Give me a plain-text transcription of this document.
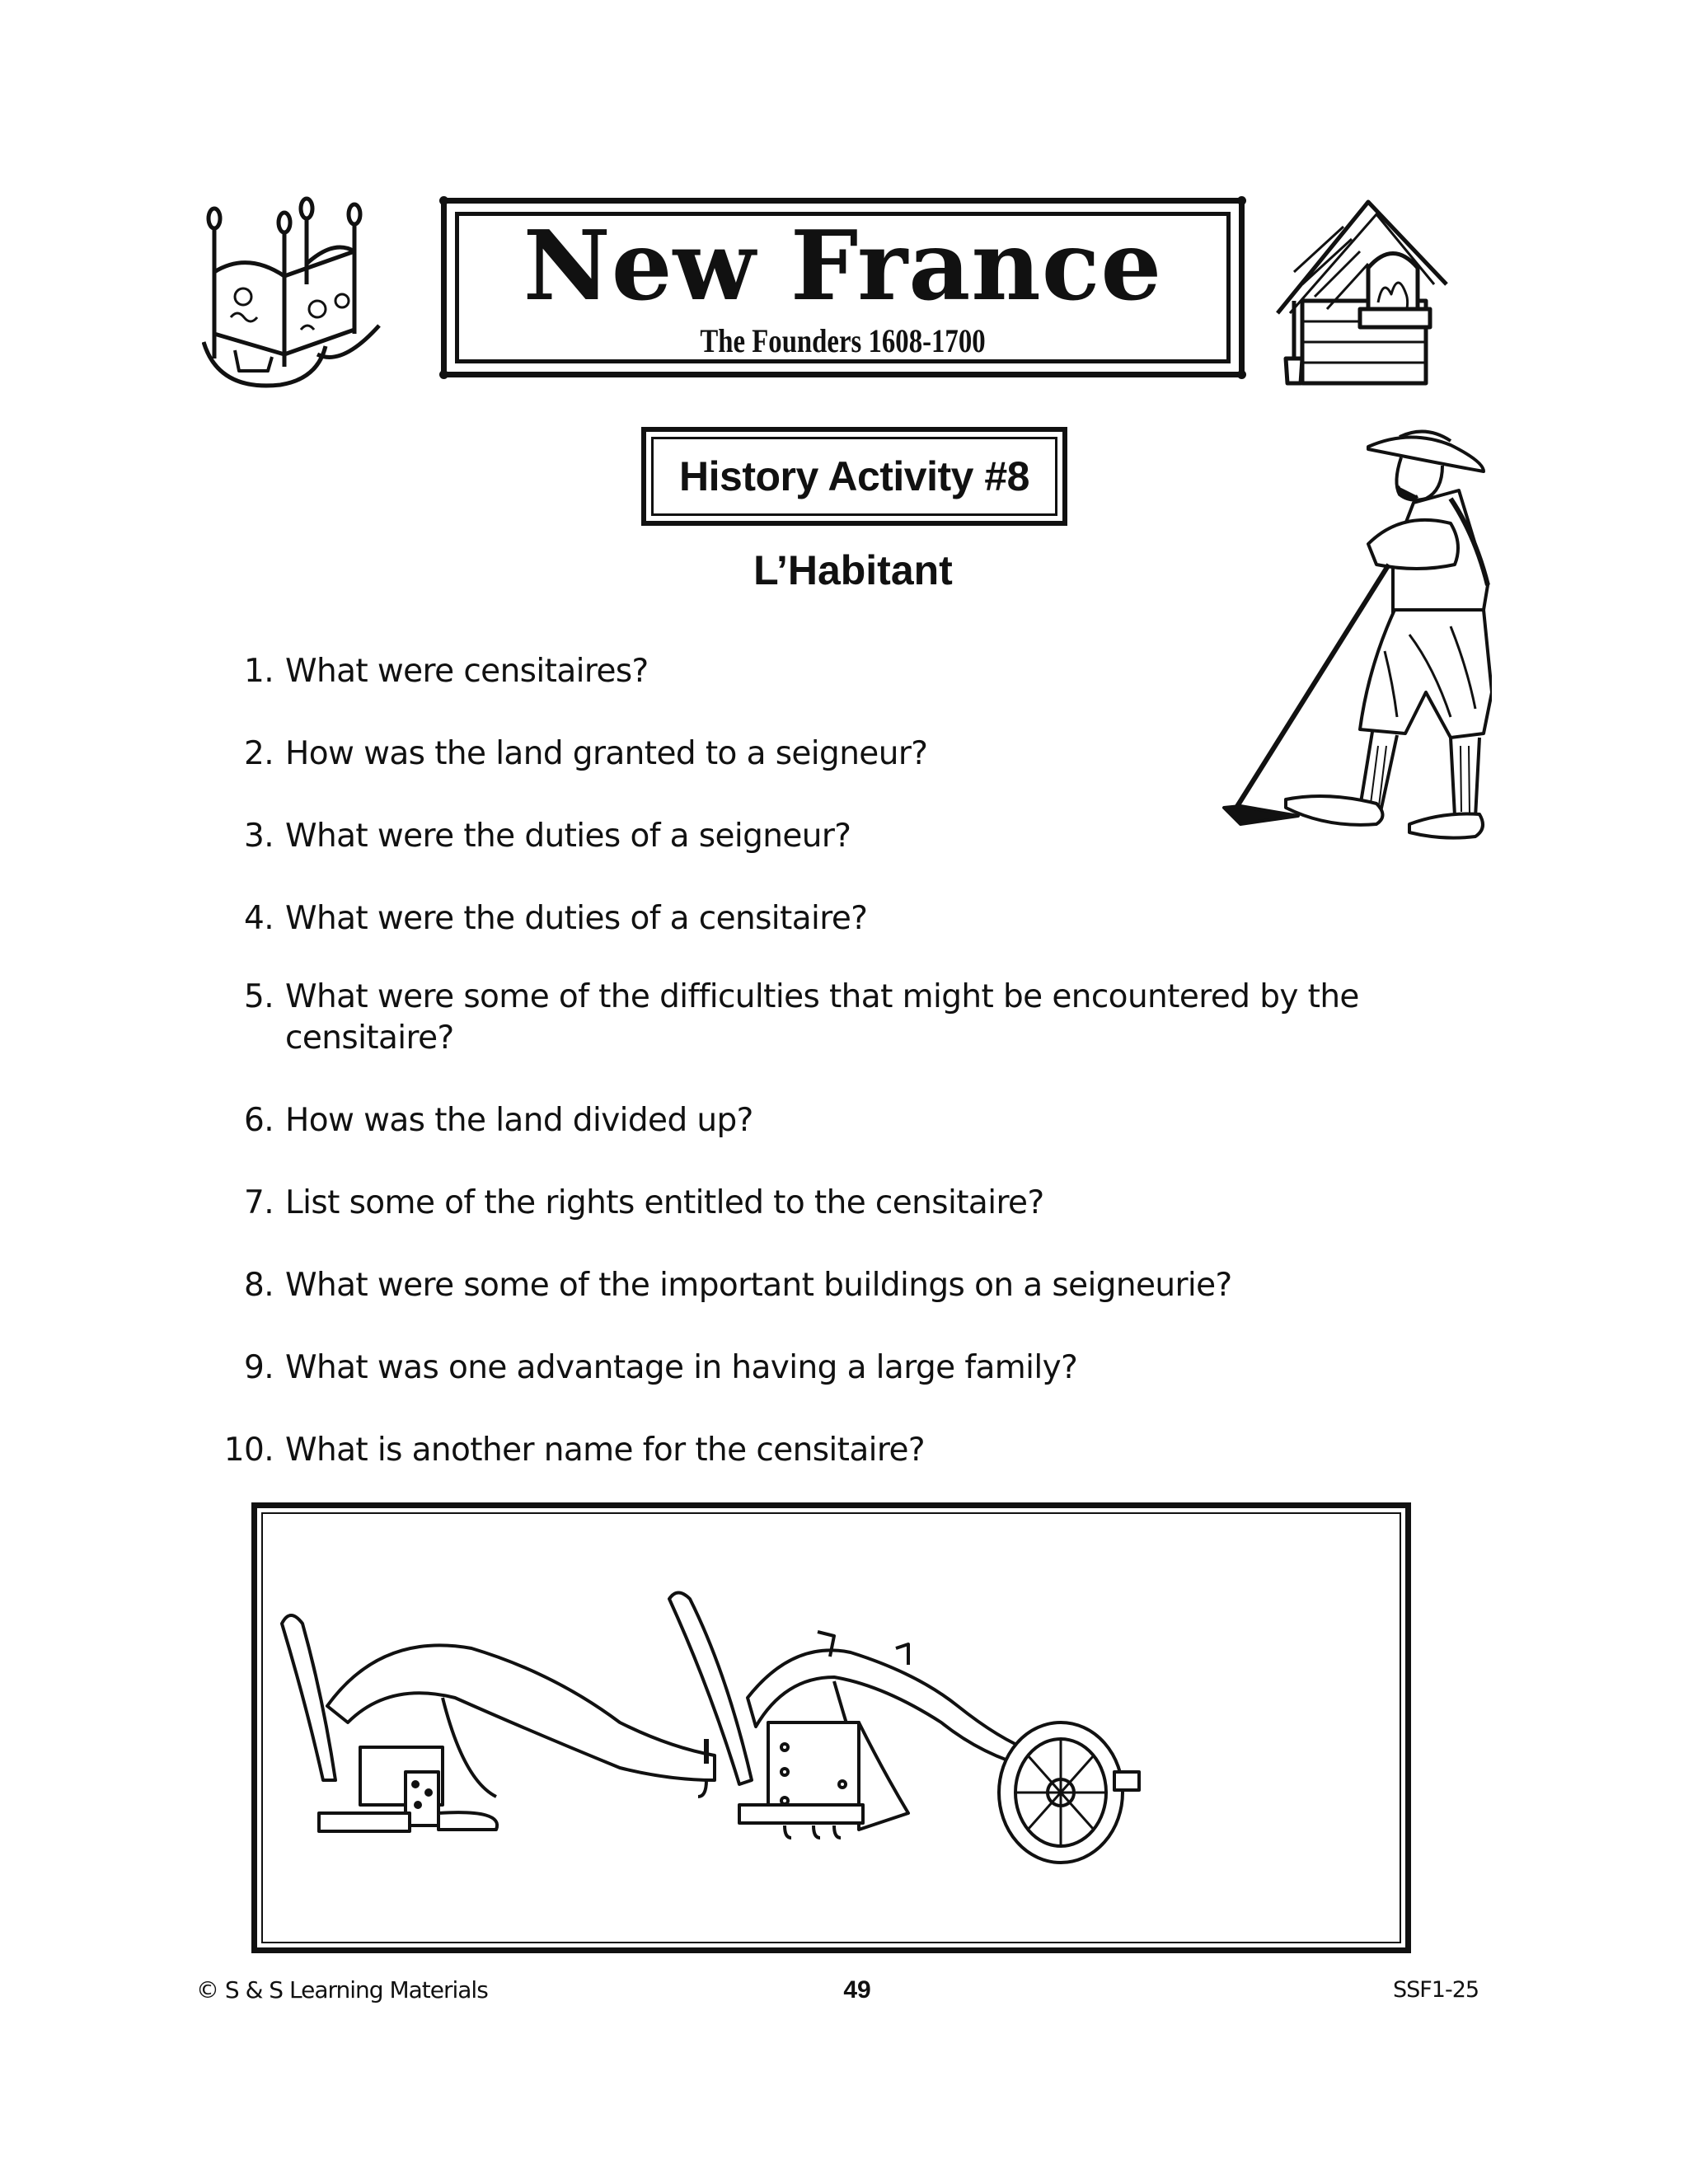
New France
The Founders 1608-1700
History Activity #8
L’Habitant
1. What were censitaires?
2. How was the land granted to a seigneur?
3. What were the duties of a seigneur?
4. What were the duties of a censitaire?
5. What were some of the difficulties that might be encountered by the censitaire?
6. How was the land divided up?
7. List some of the rights entitled to the censitaire?
8. What were some of the important buildings on a seigneurie?
9. What was one advantage in having a large family?
10. What is another name for the censitaire?
© S & S Learning Materials	49	SSF1-25
